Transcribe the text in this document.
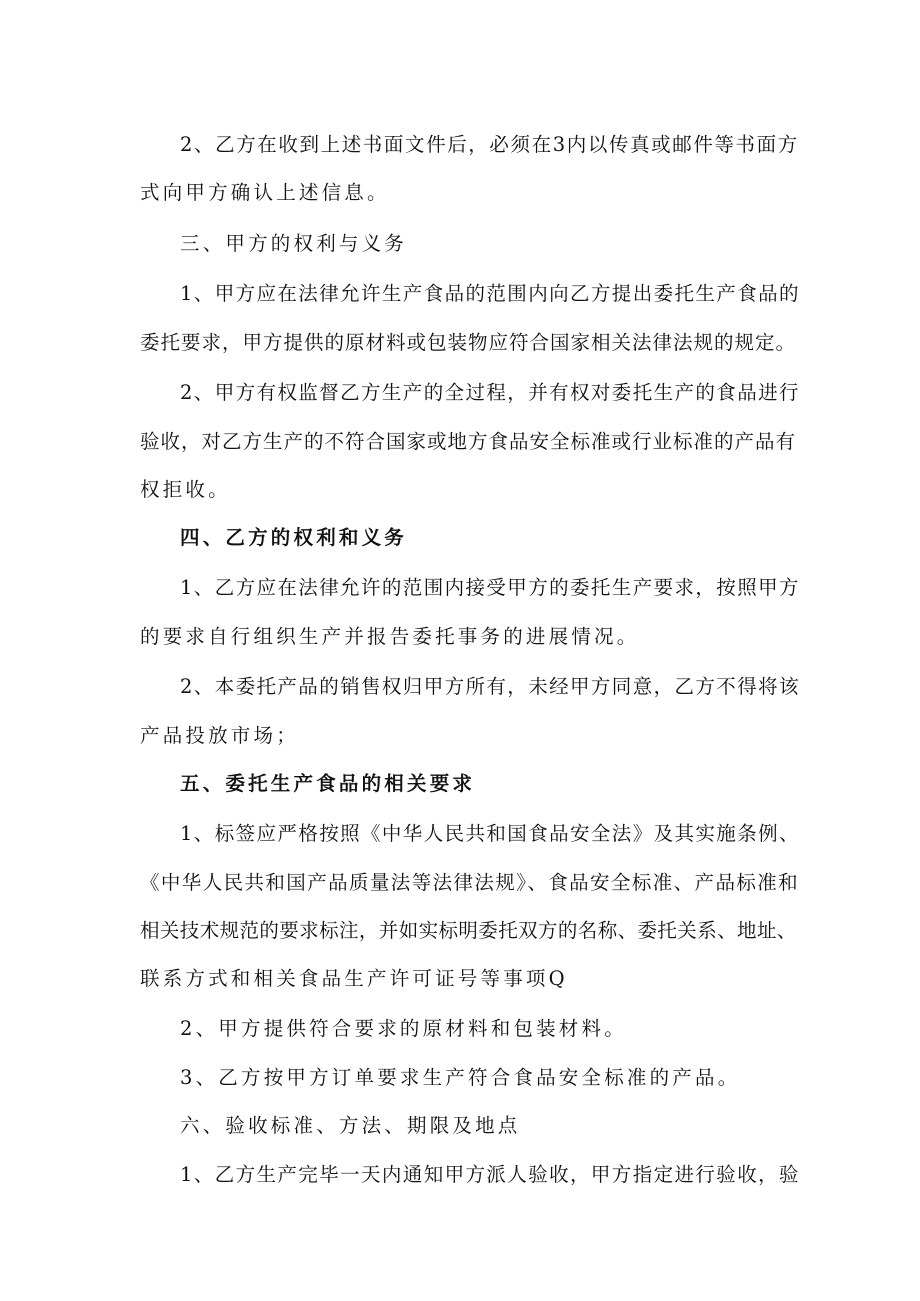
2、乙方在收到上述书面文件后，必须在3内以传真或邮件等书面方
式向甲方确认上述信息。
三、甲方的权利与义务
1、甲方应在法律允许生产食品的范围内向乙方提出委托生产食品的
委托要求，甲方提供的原材料或包装物应符合国家相关法律法规的规定。
2、甲方有权监督乙方生产的全过程，并有权对委托生产的食品进行
验收，对乙方生产的不符合国家或地方食品安全标准或行业标准的产品有
权拒收。
四、乙方的权利和义务
1、乙方应在法律允许的范围内接受甲方的委托生产要求，按照甲方
的要求自行组织生产并报告委托事务的进展情况。
2、本委托产品的销售权归甲方所有，未经甲方同意，乙方不得将该
产品投放市场；
五、委托生产食品的相关要求
1、标签应严格按照《中华人民共和国食品安全法》及其实施条例、
《中华人民共和国产品质量法等法律法规》、食品安全标准、产品标准和
相关技术规范的要求标注，并如实标明委托双方的名称、委托关系、地址、
联系方式和相关食品生产许可证号等事项Q
2、甲方提供符合要求的原材料和包装材料。
3、乙方按甲方订单要求生产符合食品安全标准的产品。
六、验收标准、方法、期限及地点
1、乙方生产完毕一天内通知甲方派人验收，甲方指定进行验收，验
